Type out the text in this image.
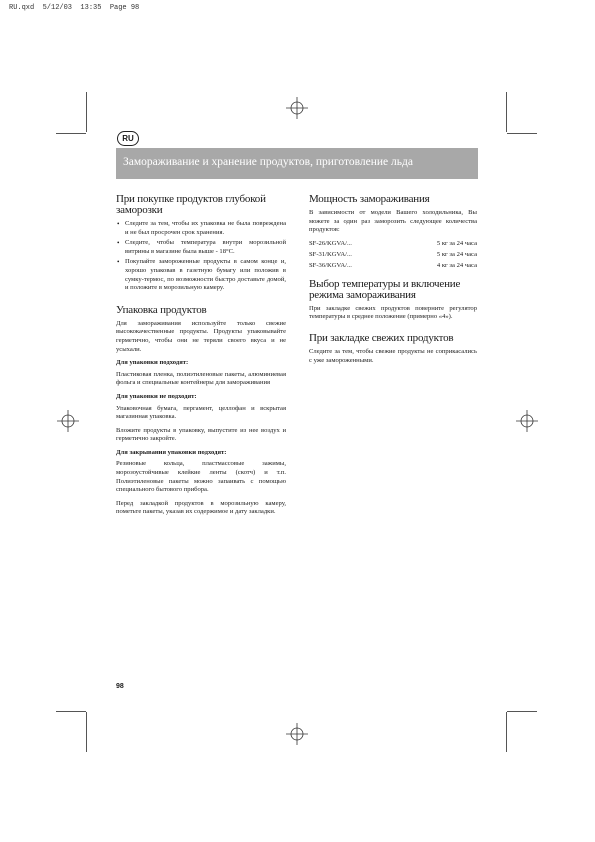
RU.qxd  5/12/03  13:35  Page 98
RU
Замораживание и хранение продуктов, приготовление льда
При покупке продуктов глубокой заморозки
• Следите за тем, чтобы их упаковка не была повреждена и не был просрочен срок хранения.
• Следите, чтобы температура внутри морозильной витрины в магазине была выше - 18°С.
• Покупайте замороженные продукты в самом конце и, хорошо упаковав в газетную бумагу или положив в сумку-термос, по возможности быстро доставьте домой, и положите в морозильную камеру.
Упаковка продуктов

Для замораживания используйте только свежие высококачественные продукты. Продукты упаковывайте герметично, чтобы они не теряли своего вкуса и не усыхали.

Для упаковки подходят:

Пластиковая пленка, полиэтиленовые пакеты, алюминиевая фольга и специальные контейнеры для замораживания

Для упаковки не подходят:

Упаковочная бумага, пергамент, целлофан и вскрытая магазинная упаковка.

Вложите продукты в упаковку, выпустите из нее воздух и герметично закройте.

Для закрывания упаковки подходят:

Резиновые кольца, пластмассовые зажимы, морозоустойчивые клейкие ленты (скотч) и т.п. Полиэтиленовые пакеты можно запаивать с помощью специального бытового прибора.

Перед закладкой продуктов в морозильную камеру, пометьте пакеты, указав их содержимое и дату закладки.

Мощность замораживания

В зависимости от модели Вашего холодильника, Вы можете за один раз заморозить следующее количества продуктов:

SF-26/KGVA/...	5 кг за 24 часа
SF-31/KGVA/...	5 кг за 24 часа
SF-36/KGVA/...	4 кг за 24 часа
Выбор температуры и включение режима замораживания

При закладке свежих продуктов поверните регулятор температуры в среднее положение (примерно «4»).

При закладке свежих продуктов

Следите за тем, чтобы свежие продукты не соприкасались с уже замороженными.

98
